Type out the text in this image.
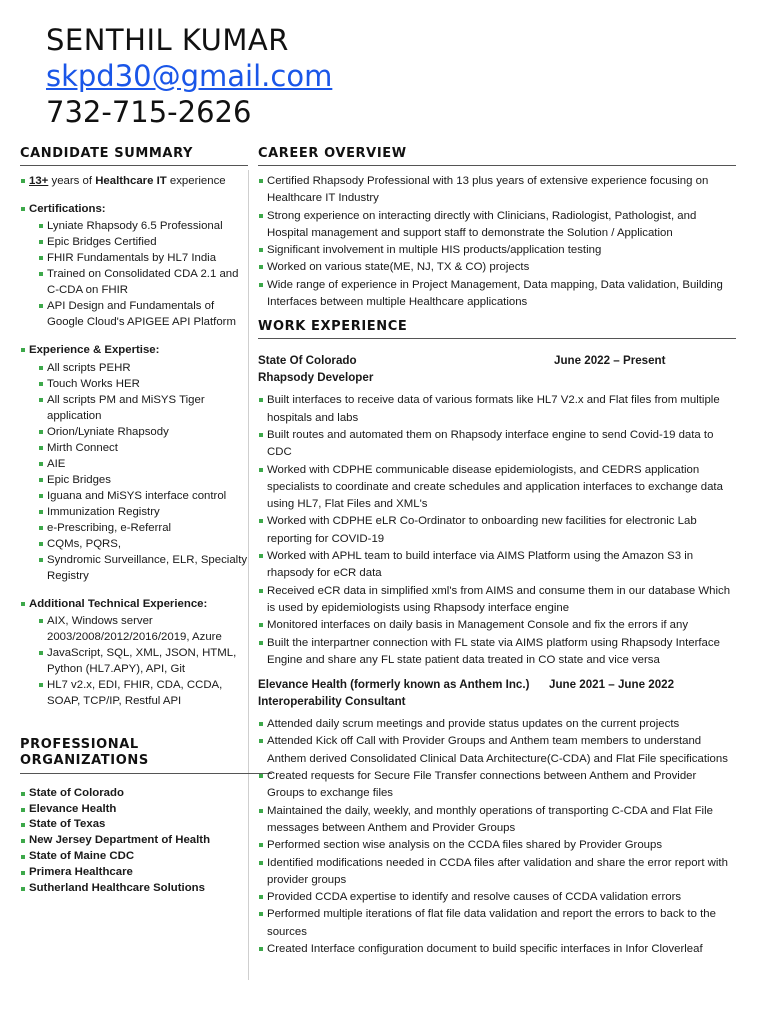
SENTHIL KUMAR
skpd30@gmail.com
732-715-2626
CANDIDATE SUMMARY
13+ years of Healthcare IT experience
Certifications:
Lyniate Rhapsody 6.5 Professional
Epic Bridges Certified
FHIR Fundamentals by HL7 India
Trained on Consolidated CDA 2.1 and C-CDA on FHIR
API Design and Fundamentals of Google Cloud's APIGEE API Platform
Experience & Expertise:
All scripts PEHR
Touch Works HER
All scripts PM and MiSYS Tiger application
Orion/Lyniate Rhapsody
Mirth Connect
AIE
Epic Bridges
Iguana and MiSYS interface control
Immunization Registry
e-Prescribing, e-Referral
CQMs, PQRS,
Syndromic Surveillance, ELR, Specialty Registry
Additional Technical Experience:
AIX, Windows server 2003/2008/2012/2016/2019, Azure
JavaScript, SQL, XML, JSON, HTML, Python (HL7.APY), API, Git
HL7 v2.x, EDI, FHIR, CDA, CCDA, SOAP, TCP/IP, Restful API
PROFESSIONAL ORGANIZATIONS
State of Colorado
Elevance Health
State of Texas
New Jersey Department of Health
State of Maine CDC
Primera Healthcare
Sutherland Healthcare Solutions
CAREER OVERVIEW
Certified Rhapsody Professional with 13 plus years of extensive experience focusing on Healthcare IT Industry
Strong experience on interacting directly with Clinicians, Radiologist, Pathologist, and Hospital management and support staff to demonstrate the Solution / Application
Significant involvement in multiple HIS products/application testing
Worked on various state(ME, NJ, TX & CO) projects
Wide range of experience in Project Management, Data mapping, Data validation, Building Interfaces between multiple Healthcare applications
WORK EXPERIENCE
State Of Colorado	June 2022 – Present
Rhapsody Developer
Built interfaces to receive data of various formats like HL7 V2.x and Flat files from multiple hospitals and labs
Built routes and automated them on Rhapsody interface engine to send Covid-19 data to CDC
Worked with CDPHE communicable disease epidemiologists, and CEDRS application specialists to coordinate and create schedules and application interfaces to exchange data using HL7, Flat Files and XML's
Worked with CDPHE eLR Co-Ordinator to onboarding new facilities for electronic Lab reporting for COVID-19
Worked with APHL team to build interface via AIMS Platform using the Amazon S3 in rhapsody for eCR data
Received eCR data in simplified xml's from AIMS and consume them in our database Which is used by epidemiologists using Rhapsody interface engine
Monitored interfaces on daily basis in Management Console and fix the errors if any
Built the interpartner connection with FL state via AIMS platform using Rhapsody Interface Engine and share any FL state patient data treated in CO state and vice versa
Elevance Health (formerly known as Anthem Inc.) June 2021 – June 2022
Interoperability Consultant
Attended daily scrum meetings and provide status updates on the current projects
Attended Kick off Call with Provider Groups and Anthem team members to understand Anthem derived Consolidated Clinical Data Architecture(C-CDA) and Flat File specifications
Created requests for Secure File Transfer connections between Anthem and Provider Groups to exchange files
Maintained the daily, weekly, and monthly operations of transporting C-CDA and Flat File messages between Anthem and Provider Groups
Performed section wise analysis on the CCDA files shared by Provider Groups
Identified modifications needed in CCDA files after validation and share the error report with provider groups
Provided CCDA expertise to identify and resolve causes of CCDA validation errors
Performed multiple iterations of flat file data validation and report the errors to back to the sources
Created Interface configuration document to build specific interfaces in Infor Cloverleaf
